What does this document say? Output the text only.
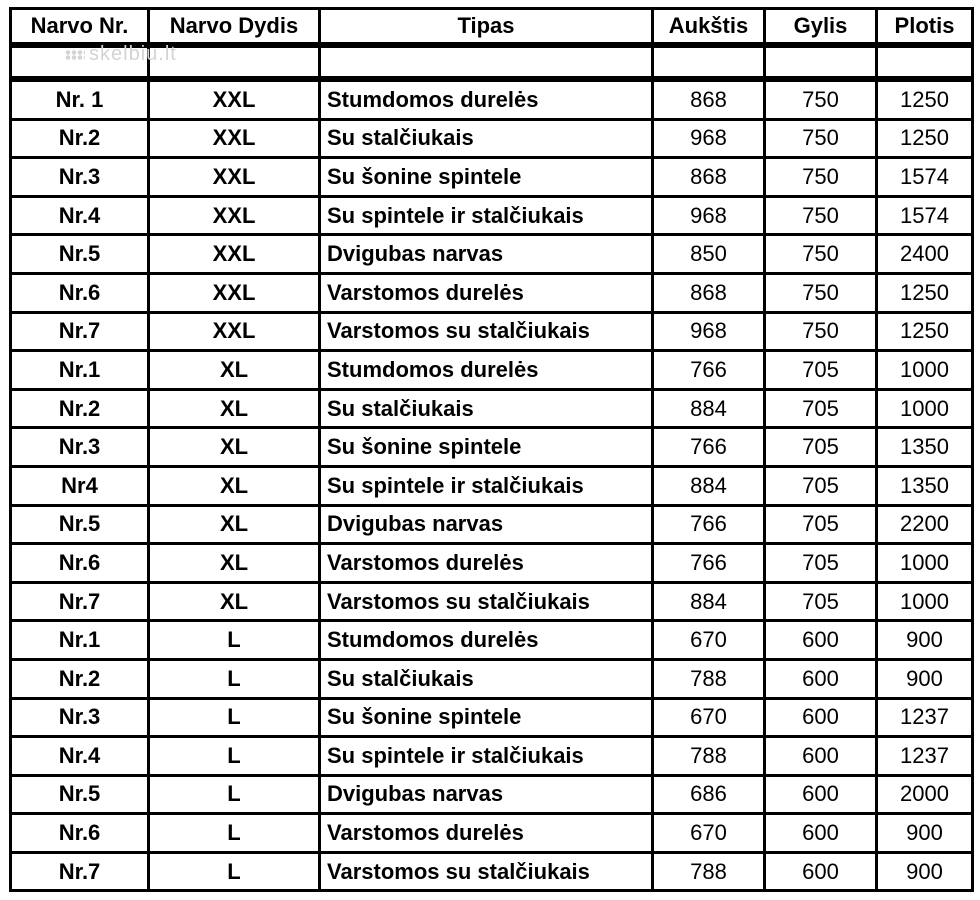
Narvo Nr.	Narvo Dydis	Tipas	Aukštis	Gylis	Plotis

Nr. 1	XXL	Stumdomos durelės	868	750	1250
Nr.2	XXL	Su stalčiukais	968	750	1250
Nr.3	XXL	Su šonine spintele	868	750	1574
Nr.4	XXL	Su spintele ir stalčiukais	968	750	1574
Nr.5	XXL	Dvigubas narvas	850	750	2400
Nr.6	XXL	Varstomos durelės	868	750	1250
Nr.7	XXL	Varstomos su stalčiukais	968	750	1250
Nr.1	XL	Stumdomos durelės	766	705	1000
Nr.2	XL	Su stalčiukais	884	705	1000
Nr.3	XL	Su šonine spintele	766	705	1350
Nr4	XL	Su spintele ir stalčiukais	884	705	1350
Nr.5	XL	Dvigubas narvas	766	705	2200
Nr.6	XL	Varstomos durelės	766	705	1000
Nr.7	XL	Varstomos su stalčiukais	884	705	1000
Nr.1	L	Stumdomos durelės	670	600	900
Nr.2	L	Su stalčiukais	788	600	900
Nr.3	L	Su šonine spintele	670	600	1237
Nr.4	L	Su spintele ir stalčiukais	788	600	1237
Nr.5	L	Dvigubas narvas	686	600	2000
Nr.6	L	Varstomos durelės	670	600	900
Nr.7	L	Varstomos su stalčiukais	788	600	900
skelbiu.lt
